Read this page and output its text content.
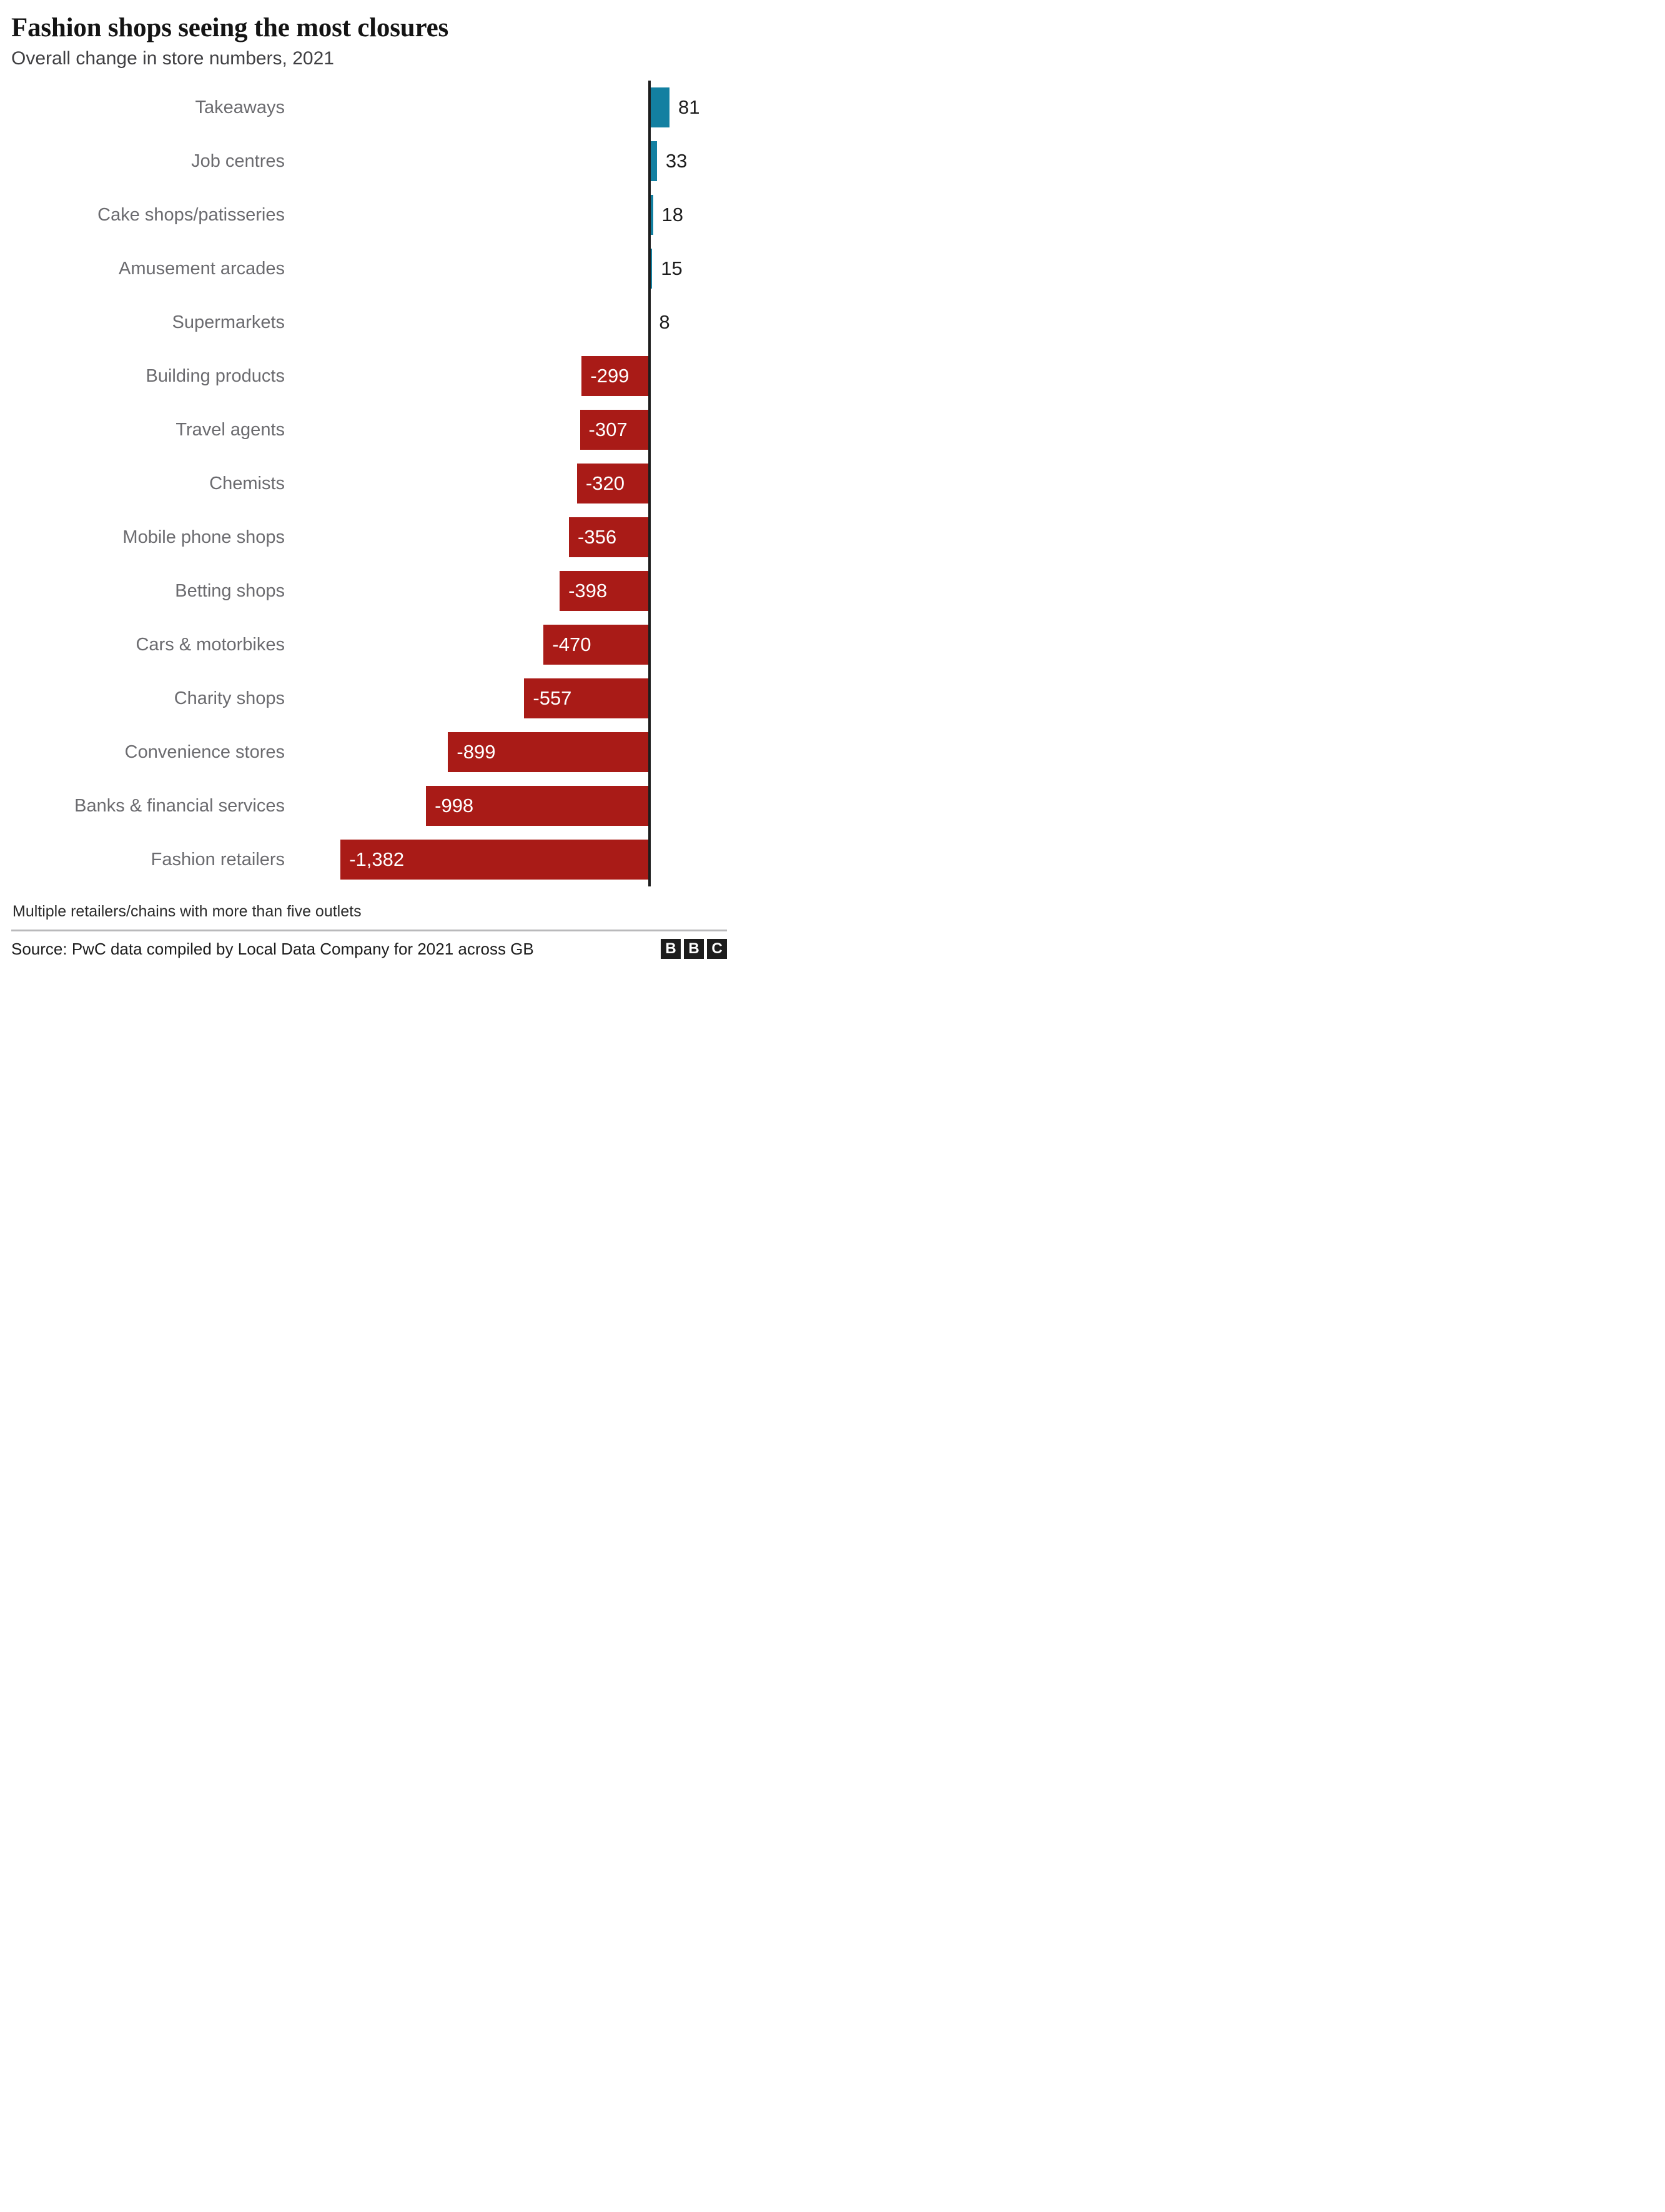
Fashion shops seeing the most closures
Overall change in store numbers, 2021
Takeaways	81
Job centres	33
Cake shops/patisseries	18
Amusement arcades	15
Supermarkets	8
Building products	-299
Travel agents	-307
Chemists	-320
Mobile phone shops	-356
Betting shops	-398
Cars & motorbikes	-470
Charity shops	-557
Convenience stores	-899
Banks & financial services	-998
Fashion retailers	-1,382
Multiple retailers/chains with more than five outlets
Source: PwC data compiled by Local Data Company for 2021 across GB	B B C
